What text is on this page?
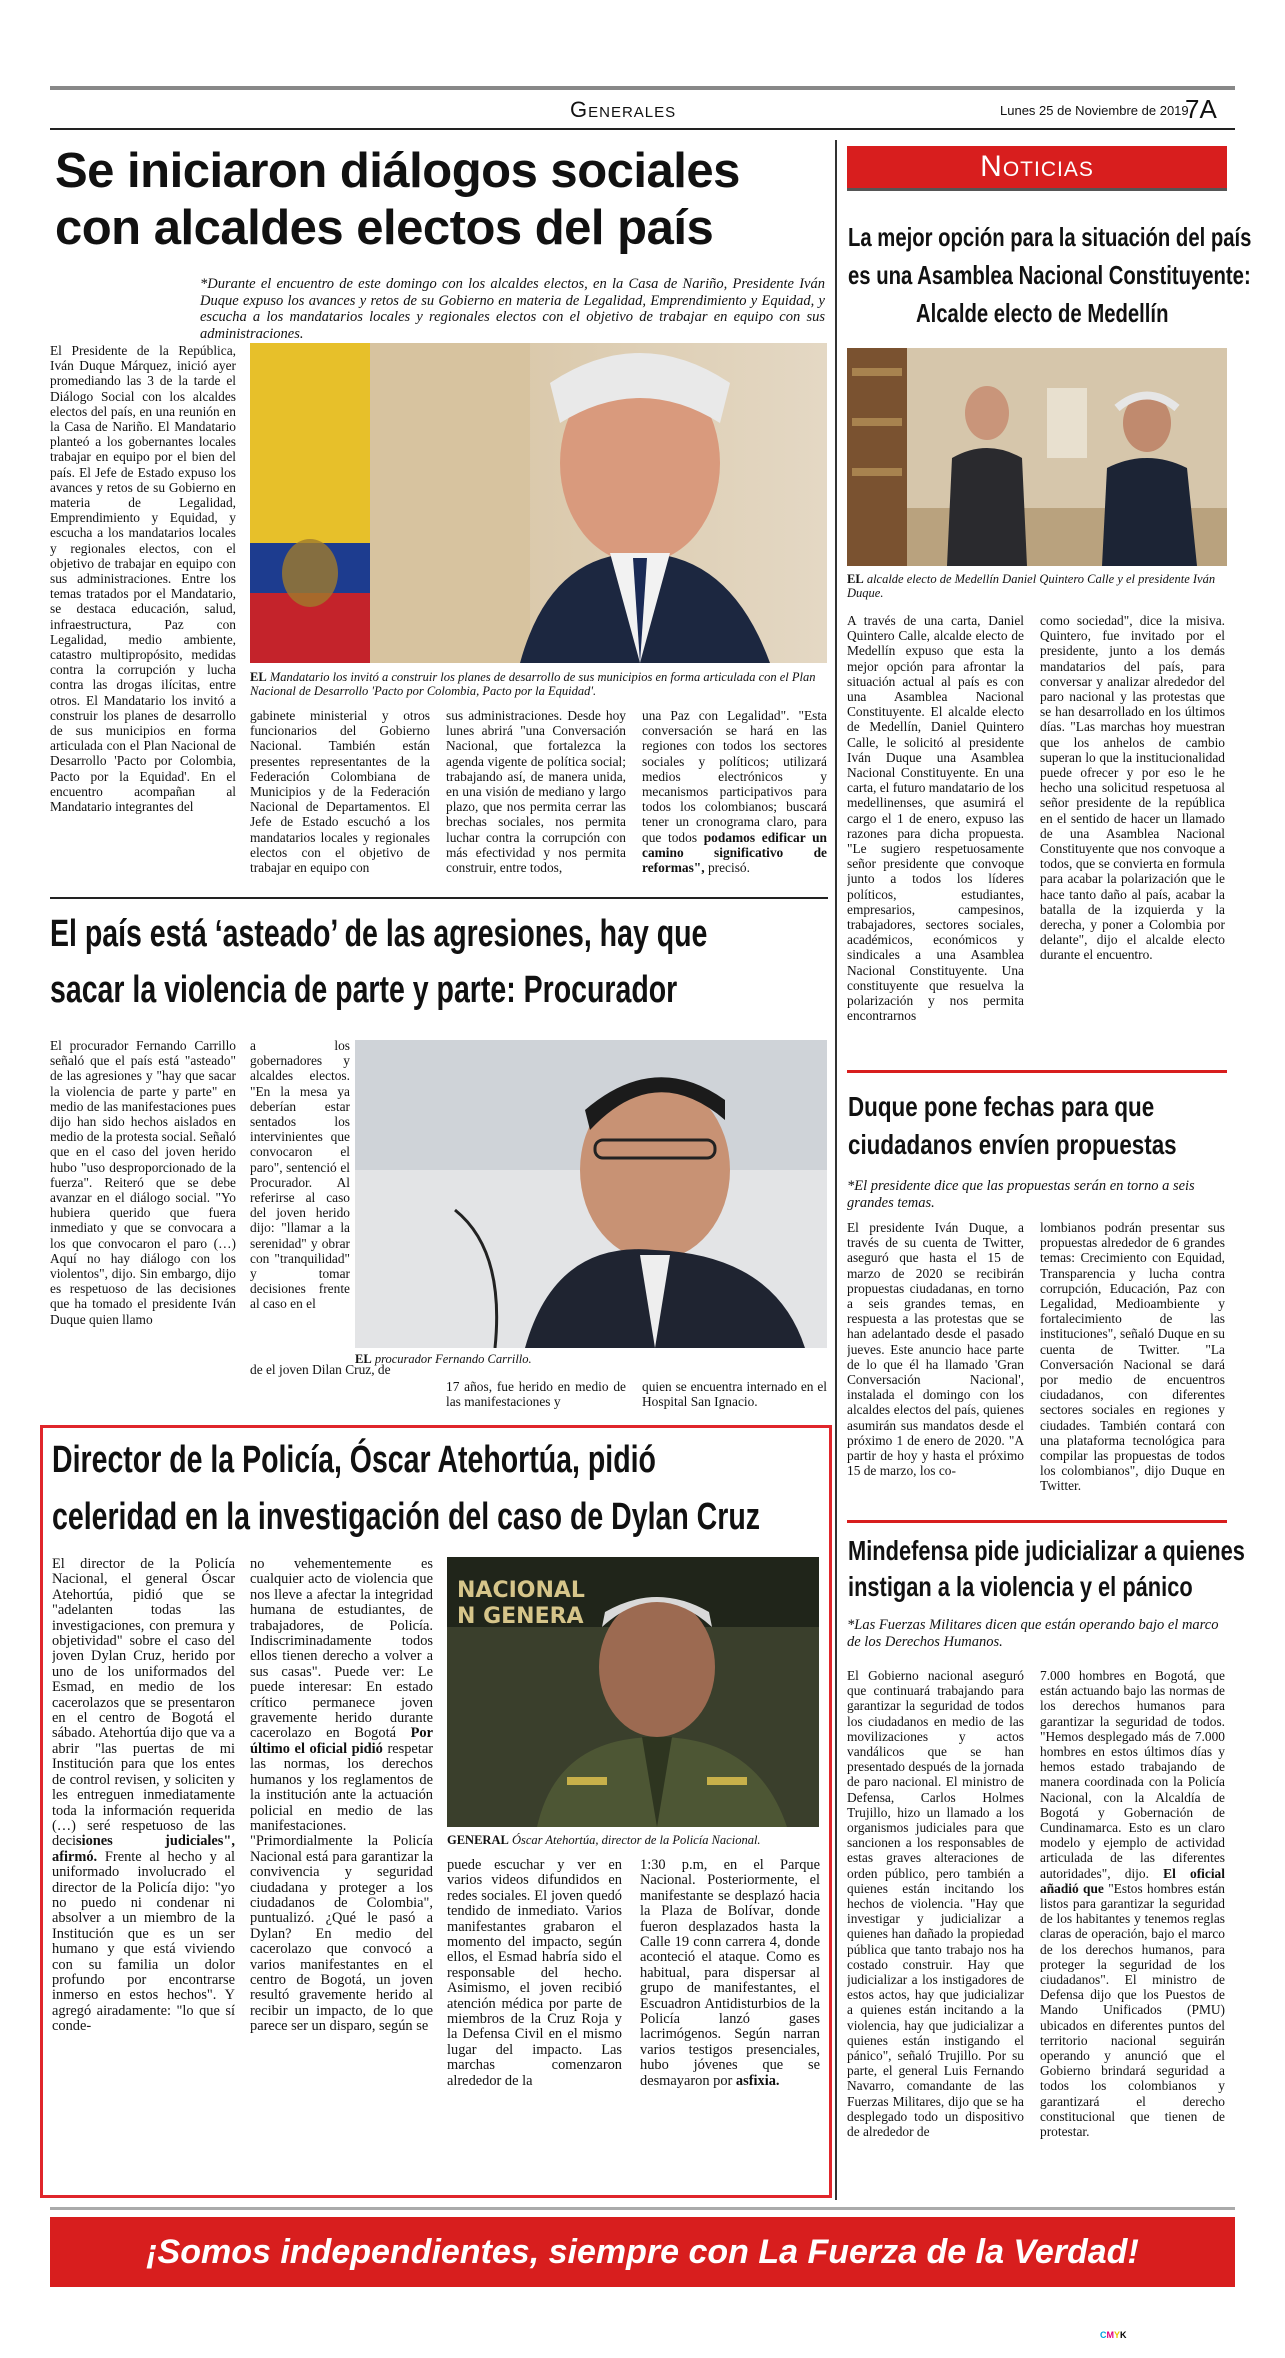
Generales	Lunes 25 de Noviembre de 2019
7A
Se iniciaron diálogos sociales
con alcaldes electos del país
*Durante el encuentro de este domingo con los alcaldes electos, en la Casa de Nariño, Presidente Iván Duque expuso los avances y retos de su Gobierno en materia de Legalidad, Emprendimiento y Equidad, y escucha a los mandatarios locales y regionales electos con el objetivo de trabajar en equipo con sus administraciones.
El Presidente de la República, Iván Duque Márquez, inició ayer promediando las 3 de la tarde el Diálogo Social con los alcaldes electos del país, en una reunión en la Casa de Nariño. El Mandatario planteó a los gobernantes locales trabajar en equipo por el bien del país. El Jefe de Estado expuso los avances y retos de su Gobierno en materia de Legalidad, Emprendimiento y Equidad, y escucha a los mandatarios locales y regionales electos, con el objetivo de trabajar en equipo con sus administraciones. Entre los temas tratados por el Mandatario, se destaca educación, salud, infraestructura, Paz con Legalidad, medio ambiente, catastro multipropósito, medidas contra la corrupción y lucha contra las drogas ilícitas, entre otros. El Mandatario los invitó a construir los planes de desarrollo de sus municipios en forma articulada con el Plan Nacional de Desarrollo 'Pacto por Colombia, Pacto por la Equidad'. En el encuentro acompañan al Mandatario integrantes del
EL Mandatario los invitó a construir los planes de desarrollo de sus municipios en forma articulada con el Plan Nacional de Desarrollo 'Pacto por Colombia, Pacto por la Equidad'.
gabinete ministerial y otros funcionarios del Gobierno Nacional. También están presentes representantes de la Federación Colombiana de Municipios y de la Federación Nacional de Departamentos. El Jefe de Estado escuchó a los mandatarios locales y regionales electos con el objetivo de trabajar en equipo con
sus administraciones. Desde hoy lunes abrirá "una Conversación Nacional, que fortalezca la agenda vigente de política social; trabajando así, de manera unida, en una visión de mediano y largo plazo, que nos permita cerrar las brechas sociales, nos permita luchar contra la corrupción con más efectividad y nos permita construir, entre todos,
una Paz con Legalidad". "Esta conversación se hará en las regiones con todos los sectores sociales y políticos; utilizará medios electrónicos y mecanismos participativos para todos los colombianos; buscará tener un cronograma claro, para que todos podamos edificar un camino significativo de reformas", precisó.
El país está ‘asteado’ de las agresiones, hay que
sacar la violencia de parte y parte: Procurador
El procurador Fernando Carrillo señaló que el país está "asteado" de las agresiones y "hay que sacar la violencia de parte y parte" en medio de las manifestaciones pues dijo han sido hechos aislados en medio de la protesta social. Señaló que en el caso del joven herido hubo "uso desproporcionado de la fuerza". Reiteró que se debe avanzar en el diálogo social. "Yo hubiera querido que fuera inmediato y que se convocara a los que convocaron el paro (…) Aquí no hay diálogo con los violentos", dijo. Sin embargo, dijo es respetuoso de las decisiones que ha tomado el presidente Iván Duque quien llamo
a los gobernadores y alcaldes electos. "En la mesa ya deberían estar sentados los intervinientes que convocaron el paro", sentenció el Procurador. Al referirse al caso del joven herido dijo: "llamar a la serenidad" y obrar con "tranquilidad" y tomar decisiones frente al caso en el
de el joven Dilan Cruz, de
EL procurador Fernando Carrillo.
17 años, fue herido en medio de las manifestaciones y
quien se encuentra internado en el Hospital San Ignacio.
Director de la Policía, Óscar Atehortúa, pidió
celeridad en la investigación del caso de Dylan Cruz
El director de la Policía Nacional, el general Óscar Atehortúa, pidió que se "adelanten todas las investigaciones, con premura y objetividad" sobre el caso del joven Dylan Cruz, herido por uno de los uniformados del Esmad, en medio de los cacerolazos que se presentaron en el centro de Bogotá el sábado. Atehortúa dijo que va a abrir "las puertas de mi Institución para que los entes de control revisen, y soliciten y les entreguen inmediatamente toda la información requerida (…) seré respetuoso de las decisiones judiciales", afirmó. Frente al hecho y al uniformado involucrado el director de la Policía dijo: "yo no puedo ni condenar ni absolver a un miembro de la Institución que es un ser humano y que está viviendo con su familia un dolor profundo por encontrarse inmerso en estos hechos". Y agregó airadamente: "lo que sí conde-
no vehementemente es cualquier acto de violencia que nos lleve a afectar la integridad humana de estudiantes, de trabajadores, de Policía. Indiscriminadamente todos ellos tienen derecho a volver a sus casas". Puede ver: Le puede interesar: En estado crítico permanece joven gravemente herido durante cacerolazo en Bogotá Por último el oficial pidió respetar las normas, los derechos humanos y los reglamentos de la institución ante la actuación policial en medio de las manifestaciones. "Primordialmente la Policía Nacional está para garantizar la convivencia y seguridad ciudadana y proteger a los ciudadanos de Colombia", puntualizó. ¿Qué le pasó a Dylan? En medio del cacerolazo que convocó a varios manifestantes en el centro de Bogotá, un joven resultó gravemente herido al recibir un impacto, de lo que parece ser un disparo, según se
NACIONAL
N GENERA
GENERAL Óscar Atehortúa, director de la Policía Nacional.
puede escuchar y ver en varios videos difundidos en redes sociales. El joven quedó tendido de inmediato. Varios manifestantes grabaron el momento del impacto, según ellos, el Esmad habría sido el responsable del hecho. Asimismo, el joven recibió atención médica por parte de miembros de la Cruz Roja y la Defensa Civil en el mismo lugar del impacto. Las marchas comenzaron alrededor de la
1:30 p.m, en el Parque Nacional. Posteriormente, el manifestante se desplazó hacia la Plaza de Bolívar, donde fueron desplazados hasta la Calle 19 conn carrera 4, donde aconteció el ataque. Como es habitual, para dispersar al grupo de manifestantes, el Escuadron Antidisturbios de la Policía lanzó gases lacrimógenos. Según narran varios testigos presenciales, hubo jóvenes que se desmayaron por asfixia.
Noticias
La mejor opción para la situación del país
es una Asamblea Nacional Constituyente:
Alcalde electo de Medellín
EL alcalde electo de Medellín Daniel Quintero Calle y el presidente Iván Duque.
A través de una carta, Daniel Quintero Calle, alcalde electo de Medellín expuso que esta la mejor opción para afrontar la situación actual al país es con una Asamblea Nacional Constituyente. El alcalde electo de Medellín, Daniel Quintero Calle, le solicitó al presidente Iván Duque una Asamblea Nacional Constituyente. En una carta, el futuro mandatario de los medellinenses, que asumirá el cargo el 1 de enero, expuso las razones para dicha propuesta. "Le sugiero respetuosamente señor presidente que convoque junto a todos los líderes políticos, estudiantes, empresarios, campesinos, trabajadores, sectores sociales, académicos, económicos y sindicales a una Asamblea Nacional Constituyente. Una constituyente que resuelva la polarización y nos permita encontrarnos
como sociedad", dice la misiva. Quintero, fue invitado por el presidente, junto a los demás mandatarios del país, para conversar y analizar alrededor del paro nacional y las protestas que se han desarrollado en los últimos días. "Las marchas hoy muestran que los anhelos de cambio superan lo que la institucionalidad puede ofrecer y por eso le he hecho una solicitud respetuosa al señor presidente de la república en el sentido de hacer un llamado de una Asamblea Nacional Constituyente que nos convoque a todos, que se convierta en formula para acabar la polarización que le hace tanto daño al país, acabar la batalla de la izquierda y la derecha, y poner a Colombia por delante", dijo el alcalde electo durante el encuentro.
Duque pone fechas para que
ciudadanos envíen propuestas
*El presidente dice que las propuestas serán en torno a seis grandes temas.
El presidente Iván Duque, a través de su cuenta de Twitter, aseguró que hasta el 15 de marzo de 2020 se recibirán propuestas ciudadanas, en torno a seis grandes temas, en respuesta a las protestas que se han adelantado desde el pasado jueves. Este anuncio hace parte de lo que él ha llamado 'Gran Conversación Nacional', instalada el domingo con los alcaldes electos del país, quienes asumirán sus mandatos desde el próximo 1 de enero de 2020. "A partir de hoy y hasta el próximo 15 de marzo, los co-
lombianos podrán presentar sus propuestas alrededor de 6 grandes temas: Crecimiento con Equidad, Transparencia y lucha contra corrupción, Educación, Paz con Legalidad, Medioambiente y fortalecimiento de las instituciones", señaló Duque en su cuenta de Twitter. "La Conversación Nacional se dará por medio de encuentros ciudadanos, con diferentes sectores sociales en regiones y ciudades. También contará con una plataforma tecnológica para compilar las propuestas de todos los colombianos", dijo Duque en Twitter.
Mindefensa pide judicializar a quienes
instigan a la violencia y el pánico
*Las Fuerzas Militares dicen que están operando bajo el marco de los Derechos Humanos.
El Gobierno nacional aseguró que continuará trabajando para garantizar la seguridad de todos los ciudadanos en medio de las movilizaciones y actos vandálicos que se han presentado después de la jornada de paro nacional. El ministro de Defensa, Carlos Holmes Trujillo, hizo un llamado a los organismos judiciales para que sancionen a los responsables de estas graves alteraciones de orden público, pero también a quienes están incitando los hechos de violencia. "Hay que investigar y judicializar a quienes han dañado la propiedad pública que tanto trabajo nos ha costado construir. Hay que judicializar a los instigadores de estos actos, hay que judicializar a quienes están incitando a la violencia, hay que judicializar a quienes están instigando el pánico", señaló Trujillo. Por su parte, el general Luis Fernando Navarro, comandante de las Fuerzas Militares, dijo que se ha desplegado todo un dispositivo de alrededor de
7.000 hombres en Bogotá, que están actuando bajo las normas de los derechos humanos para garantizar la seguridad de todos. "Hemos desplegado más de 7.000 hombres en estos últimos días y hemos estado trabajando de manera coordinada con la Policía Nacional, con la Alcaldía de Bogotá y Gobernación de Cundinamarca. Esto es un claro modelo y ejemplo de actividad articulada de las diferentes autoridades", dijo. El oficial añadió que "Estos hombres están listos para garantizar la seguridad de los habitantes y tenemos reglas claras de operación, bajo el marco de los derechos humanos, para proteger la seguridad de los ciudadanos". El ministro de Defensa dijo que los Puestos de Mando Unificados (PMU) ubicados en diferentes puntos del territorio nacional seguirán operando y anunció que el Gobierno brindará seguridad a todos los colombianos y garantizará el derecho constitucional que tienen de protestar.
¡Somos independientes, siempre con La Fuerza de la Verdad!
CMYK
